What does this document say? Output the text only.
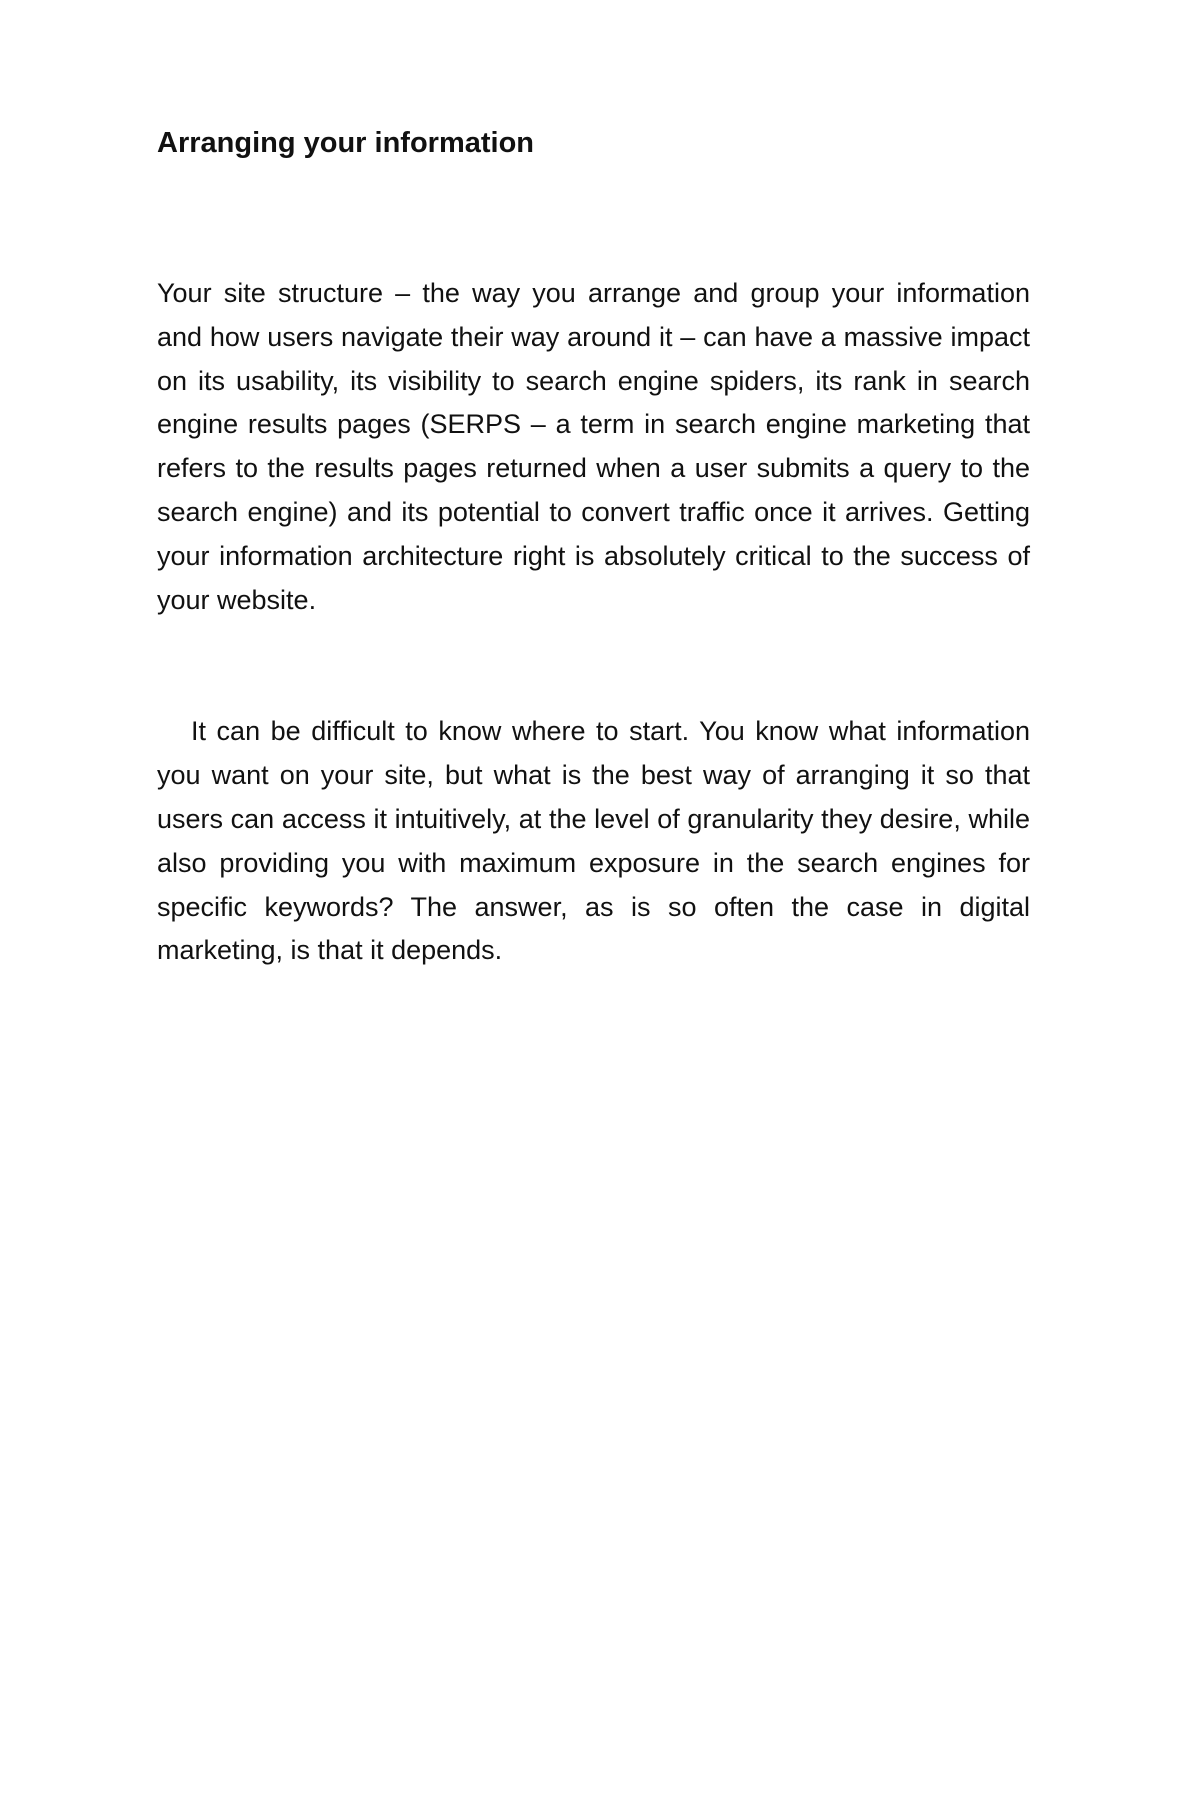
Arranging your information

Your site structure – the way you arrange and group your information and how users navigate their way around it – can have a massive impact on its usability, its visibility to search engine spiders, its rank in search engine results pages (SERPS – a term in search engine marketing that refers to the results pages returned when a user submits a query to the search engine) and its potential to convert traffic once it arrives. Getting your information architecture right is absolutely critical to the success of your website.

It can be difficult to know where to start. You know what information you want on your site, but what is the best way of arranging it so that users can access it intuitively, at the level of granularity they desire, while also providing you with maximum exposure in the search engines for specific keywords? The answer, as is so often the case in digital marketing, is that it depends.
